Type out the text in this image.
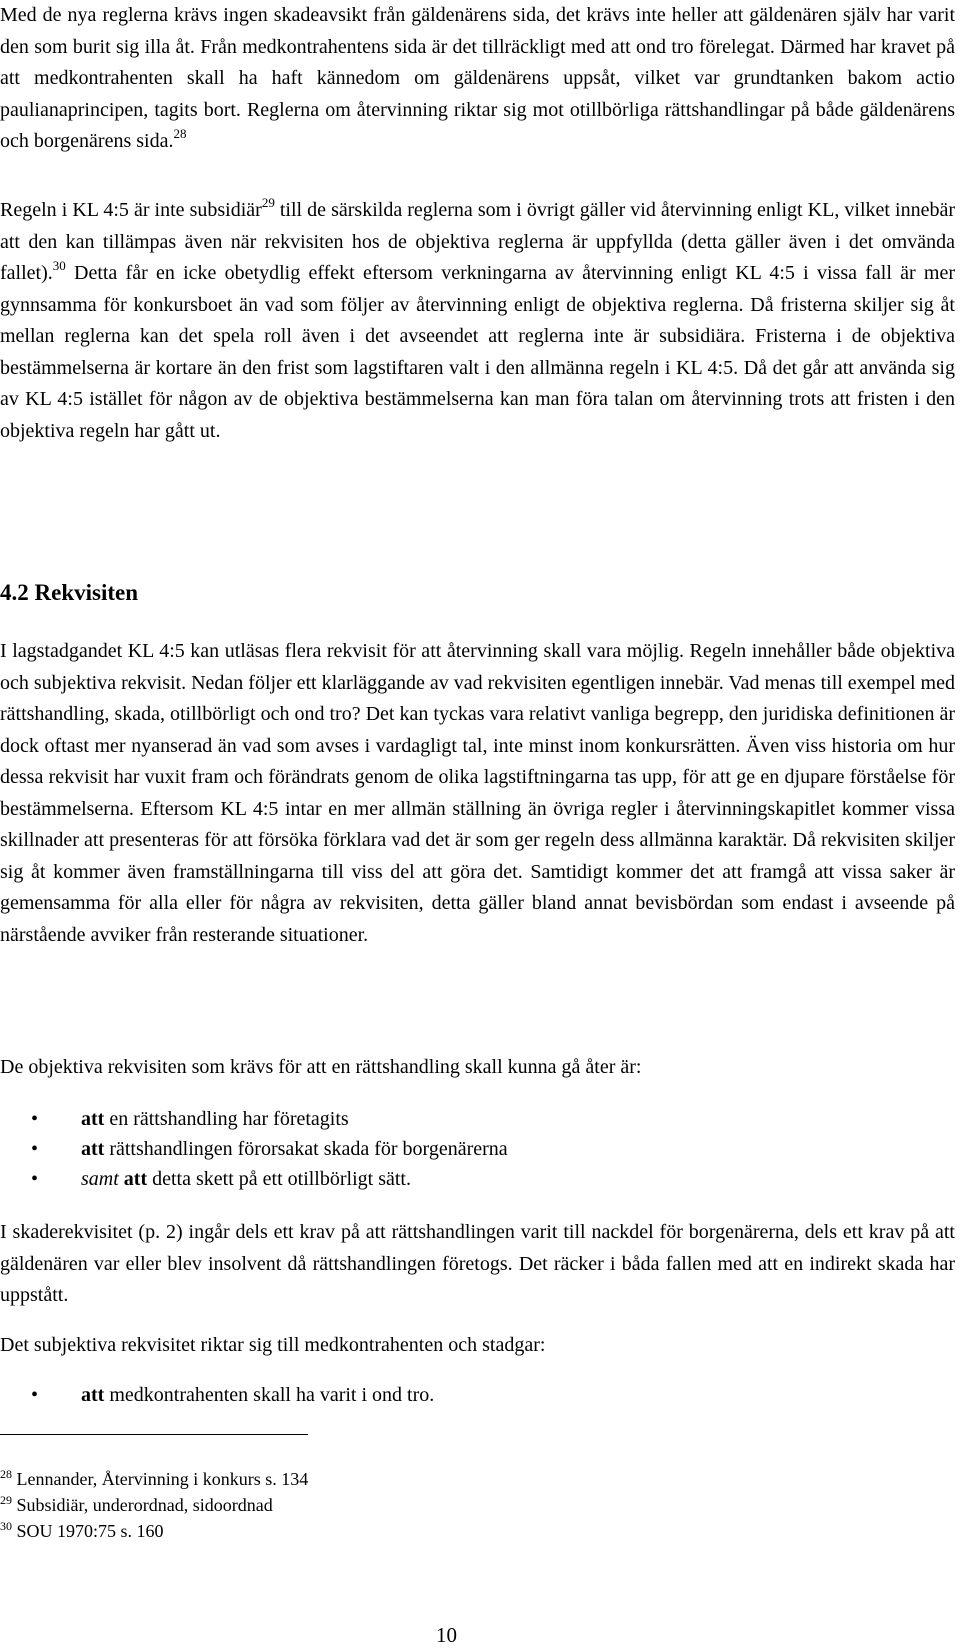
Med de nya reglerna krävs ingen skadeavsikt från gäldenärens sida, det krävs inte heller att gäldenären själv har varit den som burit sig illa åt. Från medkontrahentens sida är det tillräckligt med att ond tro förelegat. Därmed har kravet på att medkontrahenten skall ha haft kännedom om gäldenärens uppsåt, vilket var grundtanken bakom actio paulianaprincipen, tagits bort. Reglerna om återvinning riktar sig mot otillbörliga rättshandlingar på både gäldenärens och borgenärens sida.$^{28}$

Regeln i KL 4:5 är inte subsidiär$^{29}$ till de särskilda reglerna som i övrigt gäller vid återvinning enligt KL, vilket innebär att den kan tillämpas även när rekvisiten hos de objektiva reglerna är uppfyllda (detta gäller även i det omvända fallet).$^{30}$ Detta får en icke obetydlig effekt eftersom verkningarna av återvinning enligt KL 4:5 i vissa fall är mer gynnsamma för konkursboet än vad som följer av återvinning enligt de objektiva reglerna. Då fristerna skiljer sig åt mellan reglerna kan det spela roll även i det avseendet att reglerna inte är subsidiära. Fristerna i de objektiva bestämmelserna är kortare än den frist som lagstiftaren valt i den allmänna regeln i KL 4:5. Då det går att använda sig av KL 4:5 istället för någon av de objektiva bestämmelserna kan man föra talan om återvinning trots att fristen i den objektiva regeln har gått ut.

4.2 Rekvisiten

I lagstadgandet KL 4:5 kan utläsas flera rekvisit för att återvinning skall vara möjlig. Regeln innehåller både objektiva och subjektiva rekvisit. Nedan följer ett klarläggande av vad rekvisiten egentligen innebär. Vad menas till exempel med rättshandling, skada, otillbörligt och ond tro? Det kan tyckas vara relativt vanliga begrepp, den juridiska definitionen är dock oftast mer nyanserad än vad som avses i vardagligt tal, inte minst inom konkursrätten. Även viss historia om hur dessa rekvisit har vuxit fram och förändrats genom de olika lagstiftningarna tas upp, för att ge en djupare förståelse för bestämmelserna. Eftersom KL 4:5 intar en mer allmän ställning än övriga regler i återvinningskapitlet kommer vissa skillnader att presenteras för att försöka förklara vad det är som ger regeln dess allmänna karaktär. Då rekvisiten skiljer sig åt kommer även framställningarna till viss del att göra det. Samtidigt kommer det att framgå att vissa saker är gemensamma för alla eller för några av rekvisiten, detta gäller bland annat bevisbördan som endast i avseende på närstående avviker från resterande situationer.

De objektiva rekvisiten som krävs för att en rättshandling skall kunna gå åter är:

• att en rättshandling har företagits
• att rättshandlingen förorsakat skada för borgenärerna
• samt att detta skett på ett otillbörligt sätt.

I skaderekvisitet (p. 2) ingår dels ett krav på att rättshandlingen varit till nackdel för borgenärerna, dels ett krav på att gäldenären var eller blev insolvent då rättshandlingen företogs. Det räcker i båda fallen med att en indirekt skada har uppstått.

Det subjektiva rekvisitet riktar sig till medkontrahenten och stadgar:

• att medkontrahenten skall ha varit i ond tro.

$^{28}$ Lennander, Återvinning i konkurs s. 134

$^{29}$ Subsidiär, underordnad, sidoordnad

$^{30}$ SOU 1970:75 s. 160

10
